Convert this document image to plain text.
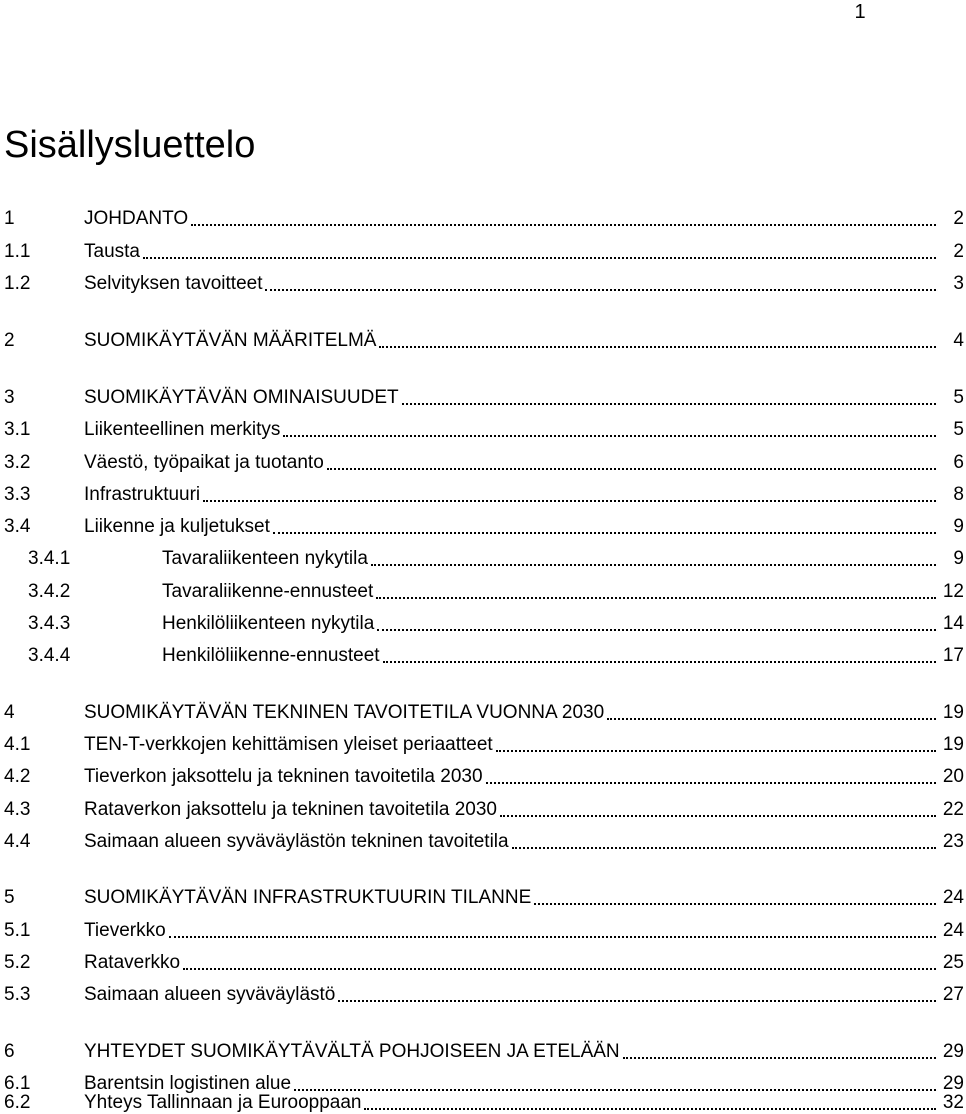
1
Sisällysluettelo
1	JOHDANTO	2
1.1	Tausta	2
1.2	Selvityksen tavoitteet	3
2	SUOMIKÄYTÄVÄN MÄÄRITELMÄ	4
3	SUOMIKÄYTÄVÄN OMINAISUUDET	5
3.1	Liikenteellinen merkitys	5
3.2	Väestö, työpaikat ja tuotanto	6
3.3	Infrastruktuuri	8
3.4	Liikenne ja kuljetukset	9
3.4.1	Tavaraliikenteen nykytila	9
3.4.2	Tavaraliikenne-ennusteet	12
3.4.3	Henkilöliikenteen nykytila	14
3.4.4	Henkilöliikenne-ennusteet	17
4	SUOMIKÄYTÄVÄN TEKNINEN TAVOITETILA VUONNA 2030	19
4.1	TEN-T-verkkojen kehittämisen yleiset periaatteet	19
4.2	Tieverkon jaksottelu ja tekninen tavoitetila 2030	20
4.3	Rataverkon jaksottelu ja tekninen tavoitetila 2030	22
4.4	Saimaan alueen syväväylästön tekninen tavoitetila	23
5	SUOMIKÄYTÄVÄN INFRASTRUKTUURIN TILANNE	24
5.1	Tieverkko	24
5.2	Rataverkko	25
5.3	Saimaan alueen syväväylästö	27
6	YHTEYDET SUOMIKÄYTÄVÄLTÄ POHJOISEEN JA ETELÄÄN	29
6.1	Barentsin logistinen alue	29
6.2	Yhteys Tallinnaan ja Eurooppaan	32
